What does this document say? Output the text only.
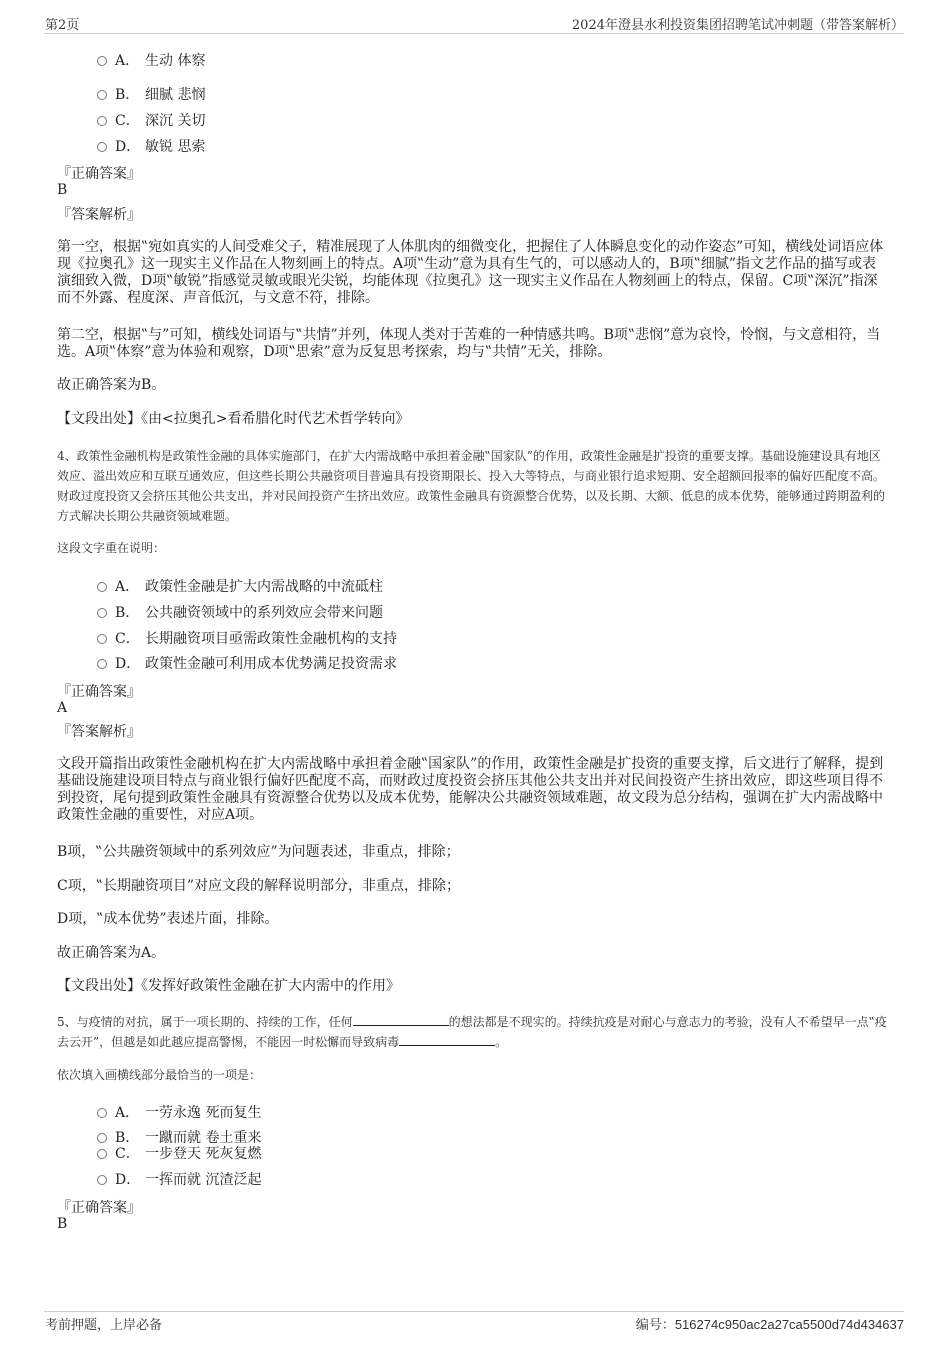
第2页	2024年澄县水利投资集团招聘笔试冲刺题（带答案解析）
A． 生动 体察
B． 细腻 悲悯
C． 深沉 关切
D． 敏锐 思索
『正确答案』
B
『答案解析』
第一空，根据‟宛如真实的人间受难父子，精准展现了人体肌肉的细微变化，把握住了人体瞬息变化的动作姿态”可知，横线处词语应体现《拉奥孔》这一现实主义作品在人物刻画上的特点。A项‟生动”意为具有生气的，可以感动人的，B项‟细腻”指文艺作品的描写或表演细致入微，D项‟敏锐”指感觉灵敏或眼光尖锐，均能体现《拉奥孔》这一现实主义作品在人物刻画上的特点，保留。C项‟深沉”指深而不外露、程度深、声音低沉，与文意不符，排除。
第二空，根据‟与”可知，横线处词语与‟共情”并列，体现人类对于苦难的一种情感共鸣。B项‟悲悯”意为哀怜，怜悯，与文意相符，当选。A项‟体察”意为体验和观察，D项‟思索”意为反复思考探索，均与‟共情”无关，排除。
故正确答案为B。
【文段出处】《由<拉奥孔>看希腊化时代艺术哲学转向》
4、政策性金融机构是政策性金融的具体实施部门，在扩大内需战略中承担着金融‟国家队”的作用，政策性金融是扩投资的重要支撑。基础设施建设具有地区效应、溢出效应和互联互通效应，但这些长期公共融资项目普遍具有投资期限长、投入大等特点，与商业银行追求短期、安全超额回报率的偏好匹配度不高。财政过度投资又会挤压其他公共支出，并对民间投资产生挤出效应。政策性金融具有资源整合优势，以及长期、大额、低息的成本优势，能够通过跨期盈利的方式解决长期公共融资领域难题。
这段文字重在说明：
A． 政策性金融是扩大内需战略的中流砥柱
B． 公共融资领域中的系列效应会带来问题
C． 长期融资项目亟需政策性金融机构的支持
D． 政策性金融可利用成本优势满足投资需求
『正确答案』
A
『答案解析』
文段开篇指出政策性金融机构在扩大内需战略中承担着金融‟国家队”的作用，政策性金融是扩投资的重要支撑，后文进行了解释，提到基础设施建设项目特点与商业银行偏好匹配度不高，而财政过度投资会挤压其他公共支出并对民间投资产生挤出效应，即这些项目得不到投资，尾句提到政策性金融具有资源整合优势以及成本优势，能解决公共融资领域难题，故文段为总分结构，强调在扩大内需战略中政策性金融的重要性，对应A项。
B项，‟公共融资领域中的系列效应”为问题表述，非重点，排除；
C项，‟长期融资项目”对应文段的解释说明部分，非重点，排除；
D项，‟成本优势”表述片面，排除。
故正确答案为A。
【文段出处】《发挥好政策性金融在扩大内需中的作用》
5、与疫情的对抗，属于一项长期的、持续的工作，任何	的想法都是不现实的。持续抗疫是对耐心与意志力的考验，没有人不希望早一点‟疫去云开”，但越是如此越应提高警惕，不能因一时松懈而导致病毒	。
依次填入画横线部分最恰当的一项是：
A． 一劳永逸 死而复生
B． 一蹴而就 卷土重来
C． 一步登天 死灰复燃
D． 一挥而就 沉渣泛起
『正确答案』
B
考前押题，上岸必备	编号：516274c950ac2a27ca5500d74d434637
